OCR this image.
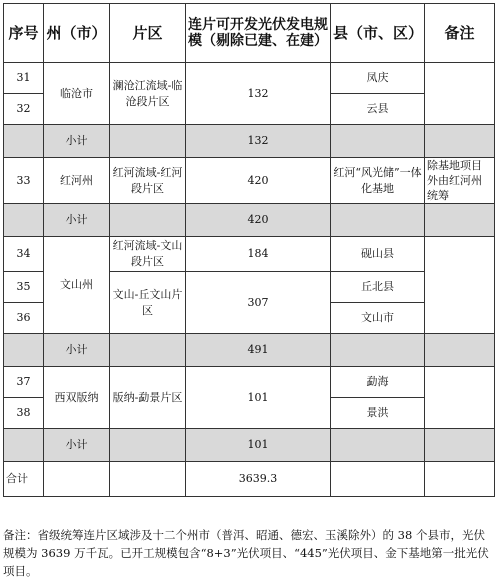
序号	州（市）	片区	连片可开发光伏发电规模（剔除已建、在建）	县（市、区）	备注
31	临沧市	澜沧江流域-临沧段片区	132	凤庆	
32				云县	
	小计		132		
33	红河州	红河流域-红河段片区	420	红河“风光储”一体化基地	除基地项目外由红河州统筹
	小计		420		
34	文山州	红河流域-文山段片区	184	砚山县	
35		文山-丘文山片区	307	丘北县	
36				文山市	
	小计		491		
37	西双版纳	版纳-勐景片区	101	勐海	
38				景洪	
	小计		101		
合计			3639.3		
备注：省级统筹连片区域涉及十二个州市（普洱、昭通、德宏、玉溪除外）的 38 个县市，光伏规模为 3639 万千瓦。已开工规模包含“8+3”光伏项目、“445”光伏项目、金下基地第一批光伏项目。
